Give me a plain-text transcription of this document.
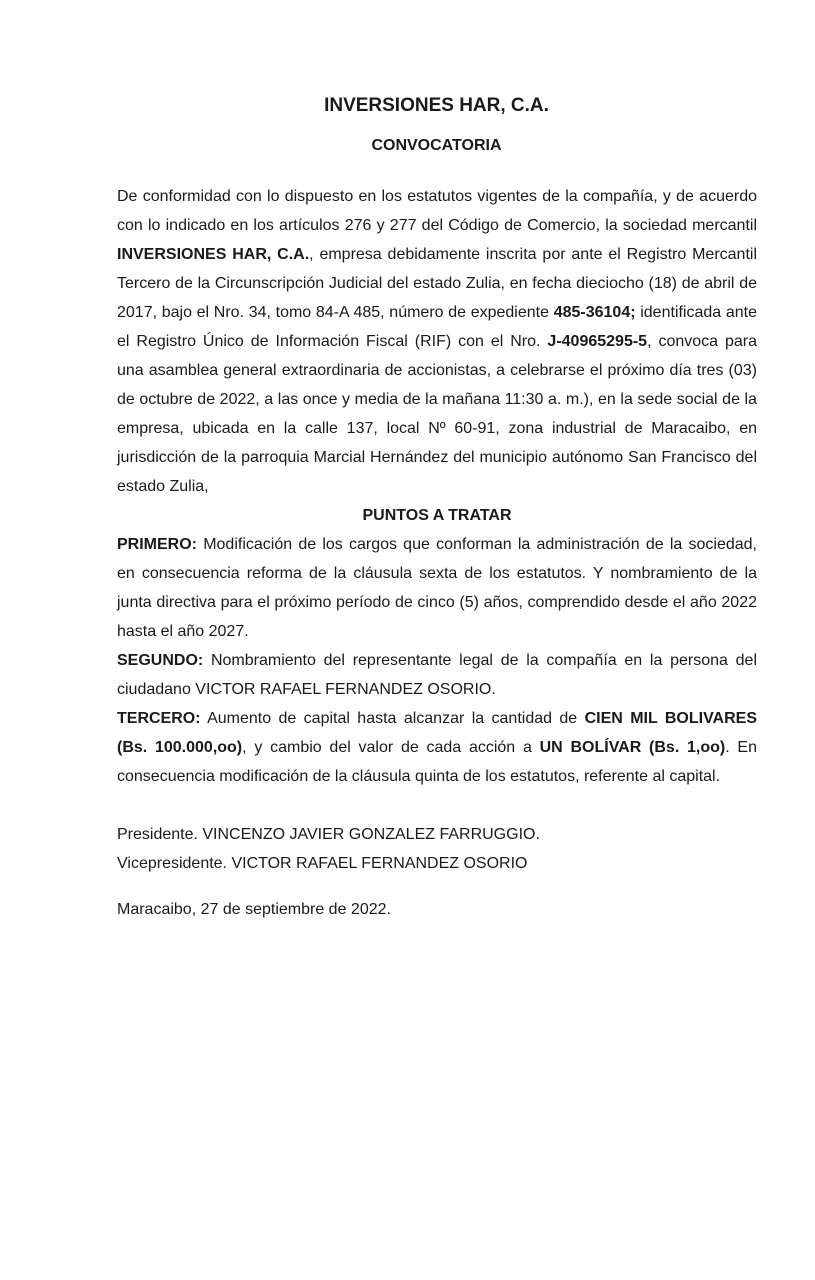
INVERSIONES HAR, C.A.
CONVOCATORIA

De conformidad con lo dispuesto en los estatutos vigentes de la compañía, y de acuerdo con lo indicado en los artículos 276 y 277 del Código de Comercio, la sociedad mercantil INVERSIONES HAR, C.A., empresa debidamente inscrita por ante el Registro Mercantil Tercero de la Circunscripción Judicial del estado Zulia, en fecha dieciocho (18) de abril de 2017, bajo el Nro. 34, tomo 84-A 485, número de expediente 485-36104; identificada ante el Registro Único de Información Fiscal (RIF) con el Nro. J-40965295-5, convoca para una asamblea general extraordinaria de accionistas, a celebrarse el próximo día tres (03) de octubre de 2022, a las once y media de la mañana 11:30 a. m.), en la sede social de la empresa, ubicada en la calle 137, local Nº 60-91, zona industrial de Maracaibo, en jurisdicción de la parroquia Marcial Hernández del municipio autónomo San Francisco del estado Zulia,

PUNTOS A TRATAR

PRIMERO: Modificación de los cargos que conforman la administración de la sociedad, en consecuencia reforma de la cláusula sexta de los estatutos. Y nombramiento de la junta directiva para el próximo período de cinco (5) años, comprendido desde el año 2022 hasta el año 2027.

SEGUNDO: Nombramiento del representante legal de la compañía en la persona del ciudadano VICTOR RAFAEL FERNANDEZ OSORIO.

TERCERO: Aumento de capital hasta alcanzar la cantidad de CIEN MIL BOLIVARES (Bs. 100.000,oo), y cambio del valor de cada acción a UN BOLÍVAR (Bs. 1,oo). En consecuencia modificación de la cláusula quinta de los estatutos, referente al capital.

Presidente. VINCENZO JAVIER GONZALEZ FARRUGGIO.

Vicepresidente. VICTOR RAFAEL FERNANDEZ OSORIO

Maracaibo, 27 de septiembre de 2022.
